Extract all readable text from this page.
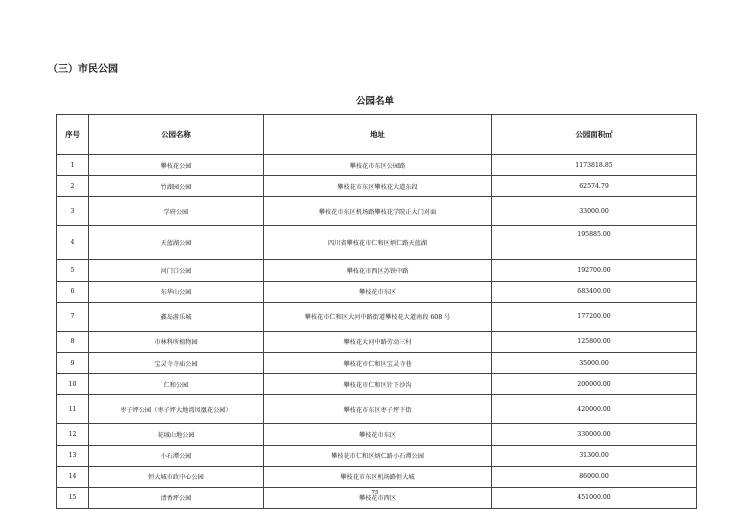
（三）市民公园
公园名单
序号	公园名称	地址	公园面积㎡
1	攀枝花公园	攀枝花市东区公园路	1173818.85
2	竹湖园公园	攀枝花市东区攀枝花大道东段	62574.79
3	学府公园	攀枝花市东区机场路攀枝花学院正大门对面	33000.00
4	天蓝湖公园	四川省攀枝花市仁和区炳仁路天蓝湖	195885.00
5	河门口公园	攀枝花市西区苏铁中路	192700.00
6	东华山公园	攀枝花市东区	683400.00
7	鑫岛游乐城	攀枝花市仁和区大河中路街道攀枝花大道南段 608 号	177200.00
8	市林科所植物园	攀枝花大河中路劳动三村	125800.00
9	宝灵寺寺庙公园	攀枝花市仁和区宝灵寺巷	35000.00
10	仁和公园	攀枝花市仁和区针下沙沟	200000.00
11	枣子坪公园（枣子坪大地湾凤凰花公园）	攀枝花市东区枣子坪下街	420000.00
12	花城山地公园	攀枝花市东区	330000.00
13	小石潭公园	攀枝花市仁和区炳仁路小石潭公园	31300.00
14	恒大城市政中心公园	攀枝花市东区机场路恒大城	86000.00
15	清香坪公园	攀枝花市西区	451000.00
75
